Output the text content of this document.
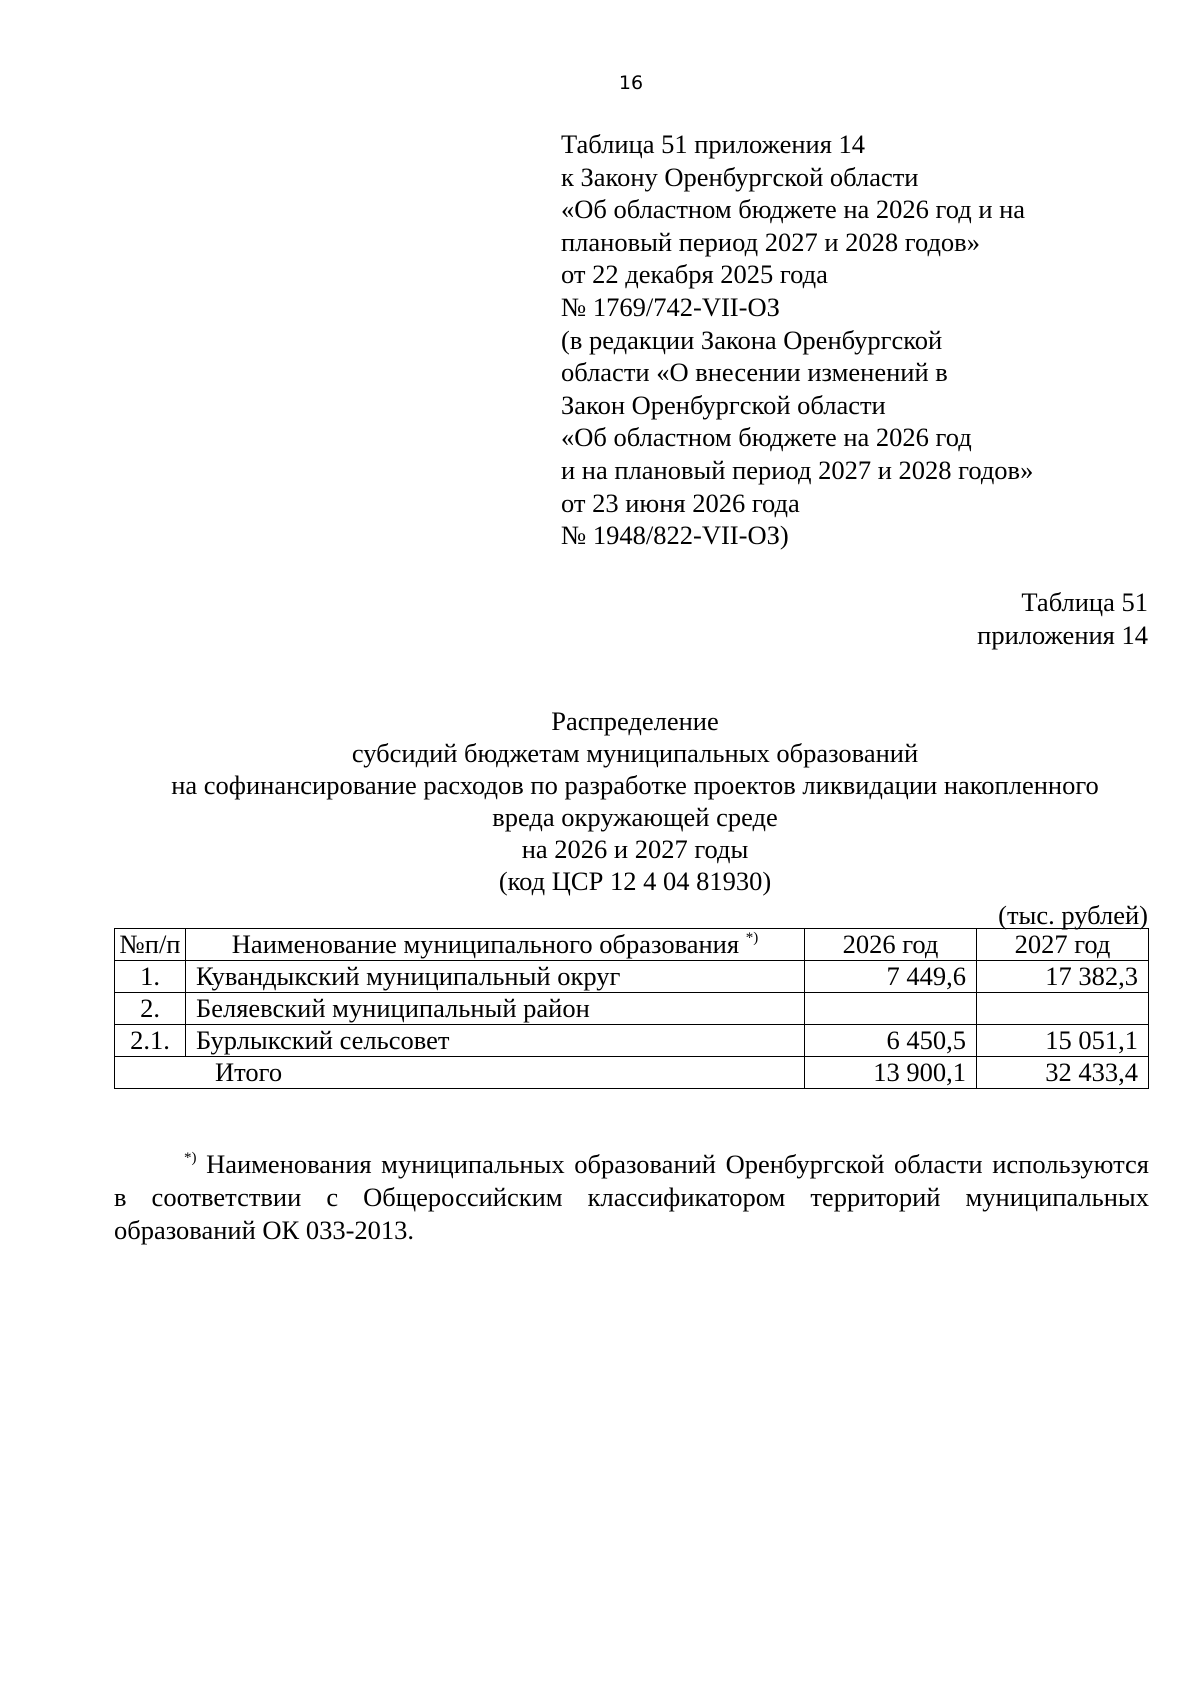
16
Таблица 51 приложения 14
к Закону Оренбургской области
«Об областном бюджете на 2026 год и на
плановый период 2027 и 2028 годов»
от 22 декабря 2025 года
№ 1769/742-VII-ОЗ
(в редакции Закона Оренбургской
области «О внесении изменений в
Закон Оренбургской области
«Об областном бюджете на 2026 год
и на плановый период 2027 и 2028 годов»
от 23 июня 2026 года
№ 1948/822-VII-ОЗ)
Таблица 51
приложения 14
Распределение
субсидий бюджетам муниципальных образований
на софинансирование расходов по разработке проектов ликвидации накопленного
вреда окружающей среде
на 2026 и 2027 годы
(код ЦСР 12 4 04 81930)
(тыс. рублей)
№п/п	Наименование муниципального образования *)	2026 год	2027 год
1.	Кувандыкский муниципальный округ	7 449,6	17 382,3
2.	Беляевский муниципальный район		
2.1.	Бурлыкский сельсовет	6 450,5	15 051,1
Итого		13 900,1	32 433,4
*) Наименования муниципальных образований Оренбургской области используются в соответствии с Общероссийским классификатором территорий муниципальных образований ОК 033-2013.
